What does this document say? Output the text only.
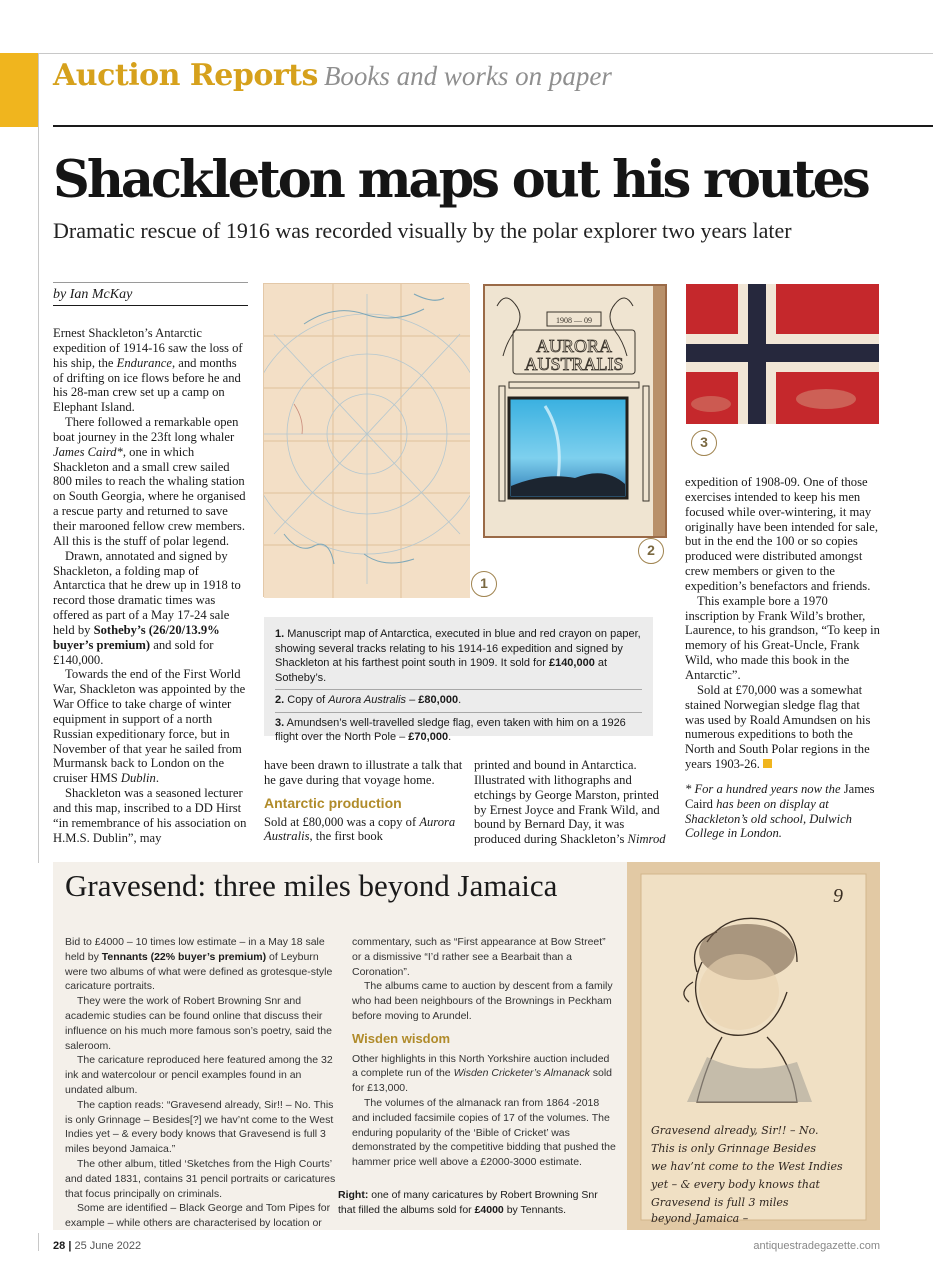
Auction Reports Books and works on paper
Shackleton maps out his routes
Dramatic rescue of 1916 was recorded visually by the polar explorer two years later
by Ian McKay

Ernest Shackleton’s Antarctic expedition of 1914-16 saw the loss of his ship, the Endurance, and months of drifting on ice flows before he and his 28-man crew set up a camp on Elephant Island.

There followed a remarkable open boat journey in the 23ft long whaler James Caird*, one in which Shackleton and a small crew sailed 800 miles to reach the whaling station on South Georgia, where he organised a rescue party and returned to save their marooned fellow crew members. All this is the stuff of polar legend.

Drawn, annotated and signed by Shackleton, a folding map of Antarctica that he drew up in 1918 to record those dramatic times was offered as part of a May 17-24 sale held by Sotheby’s (26/20/13.9% buyer’s premium) and sold for £140,000.

Towards the end of the First World War, Shackleton was appointed by the War Office to take charge of winter equipment in support of a north Russian expeditionary force, but in November of that year he sailed from Murmansk back to London on the cruiser HMS Dublin.

Shackleton was a seasoned lecturer and this map, inscribed to a DD Hirst “in remembrance of his association on H.M.S. Dublin”, may

1
1908 — 09
AURORA
AUSTRALIS
2
3
1. Manuscript map of Antarctica, executed in blue and red crayon on paper, showing several tracks relating to his 1914-16 expedition and signed by Shackleton at his farthest point south in 1909. It sold for £140,000 at Sotheby’s.
2. Copy of Aurora Australis – £80,000.
3. Amundsen’s well-travelled sledge flag, even taken with him on a 1926 flight over the North Pole – £70,000.

have been drawn to illustrate a talk that he gave during that voyage home.

Antarctic production

Sold at £80,000 was a copy of Aurora Australis, the first book

printed and bound in Antarctica. Illustrated with lithographs and etchings by George Marston, printed by Ernest Joyce and Frank Wild, and bound by Bernard Day, it was produced during Shackleton’s Nimrod

expedition of 1908-09. One of those exercises intended to keep his men focused while over-wintering, it may originally have been intended for sale, but in the end the 100 or so copies produced were distributed amongst crew members or given to the expedition’s benefactors and friends.

This example bore a 1970 inscription by Frank Wild’s brother, Laurence, to his grandson, “To keep in memory of his Great-Uncle, Frank Wild, who made this book in the Antarctic”.

Sold at £70,000 was a somewhat stained Norwegian sledge flag that was used by Roald Amundsen on his numerous expeditions to both the North and South Polar regions in the years 1903-26.

* For a hundred years now the James Caird has been on display at Shackleton’s old school, Dulwich College in London.

Gravesend: three miles beyond Jamaica

Bid to £4000 – 10 times low estimate – in a May 18 sale held by Tennants (22% buyer’s premium) of Leyburn were two albums of what were defined as grotesque-style caricature portraits.

They were the work of Robert Browning Snr and academic studies can be found online that discuss their influence on his much more famous son’s poetry, said the saleroom.

The caricature reproduced here featured among the 32 ink and watercolour or pencil examples found in an undated album.

The caption reads: “Gravesend already, Sir!! – No. This is only Grinnage – Besides[?] we hav’nt come to the West Indies yet – & every body knows that Gravesend is full 3 miles beyond Jamaica.”

The other album, titled ‘Sketches from the High Courts’ and dated 1831, contains 31 pencil portraits or caricatures that focus principally on criminals.

Some are identified – Black George and Tom Pipes for example – while others are characterised by location or

commentary, such as “First appearance at Bow Street” or a dismissive “I’d rather see a Bearbait than a Coronation”.

The albums came to auction by descent from a family who had been neighbours of the Brownings in Peckham before moving to Arundel.

Wisden wisdom

Other highlights in this North Yorkshire auction included a complete run of the Wisden Cricketer’s Almanack sold for £13,000.

The volumes of the almanack ran from 1864 -2018 and included facsimile copies of 17 of the volumes. The enduring popularity of the ‘Bible of Cricket’ was demonstrated by the competitive bidding that pushed the hammer price well above a £2000-3000 estimate.

Right: one of many caricatures by Robert Browning Snr that filled the albums sold for £4000 by Tennants.
9
Gravesend already, Sir!! – No.
This is only Grinnage Besides
we hav’nt come to the West Indies
yet – & every body knows that
Gravesend is full 3 miles
beyond Jamaica –
28 | 25 June 2022	antiquestradegazette.com
